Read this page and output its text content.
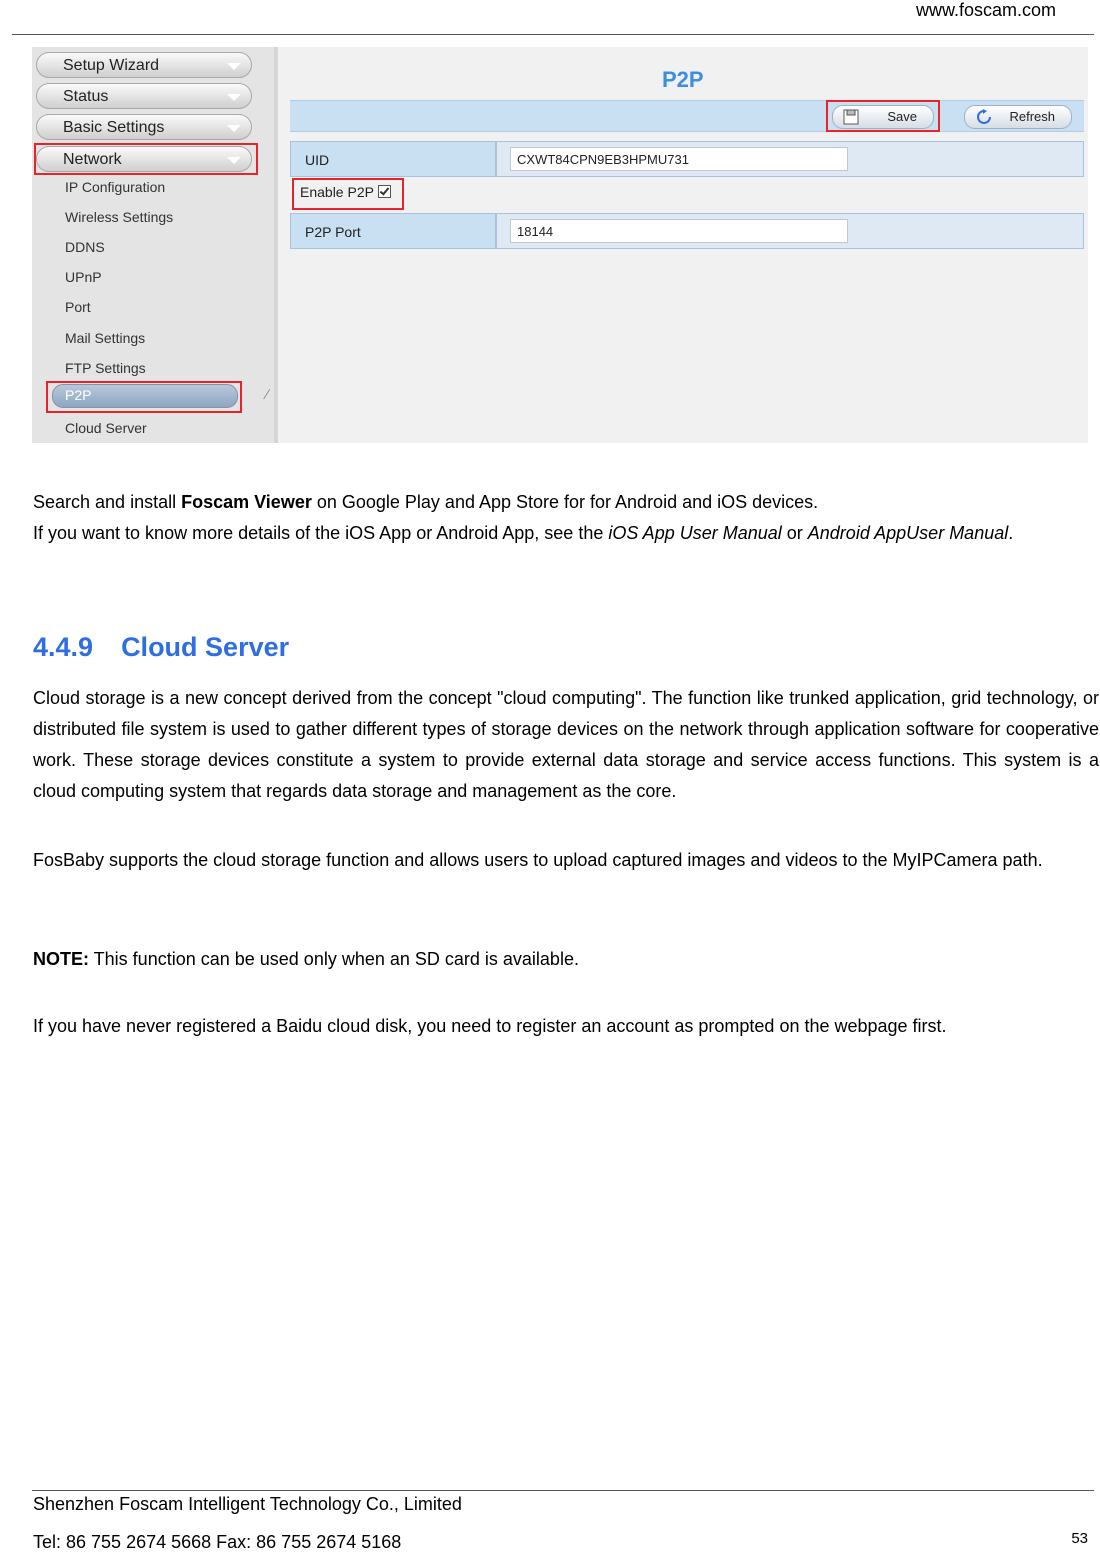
www.foscam.com
Setup Wizard
Status
Basic Settings
Network
IP Configuration
Wireless Settings
DDNS
UPnP
Port
Mail Settings
FTP Settings
P2P
Cloud Server
∕
P2P
Save	Refresh
UID	CXWT84CPN9EB3HPMU731
Enable P2P
P2P Port	18144

Search and install Foscam Viewer on Google Play and App Store for for Android and iOS devices.

If you want to know more details of the iOS App or Android App, see the iOS App User Manual or Android AppUser Manual.

4.4.9 Cloud Server

Cloud storage is a new concept derived from the concept "cloud computing". The function like trunked application, grid technology, or distributed file system is used to gather different types of storage devices on the network through application software for cooperative work. These storage devices constitute a system to provide external data storage and service access functions. This system is a cloud computing system that regards data storage and management as the core.

FosBaby supports the cloud storage function and allows users to upload captured images and videos to the MyIPCamera path.

NOTE: This function can be used only when an SD card is available.

If you have never registered a Baidu cloud disk, you need to register an account as prompted on the webpage first.

Shenzhen Foscam Intelligent Technology Co., Limited
Tel: 86 755 2674 5668 Fax: 86 755 2674 5168	53
